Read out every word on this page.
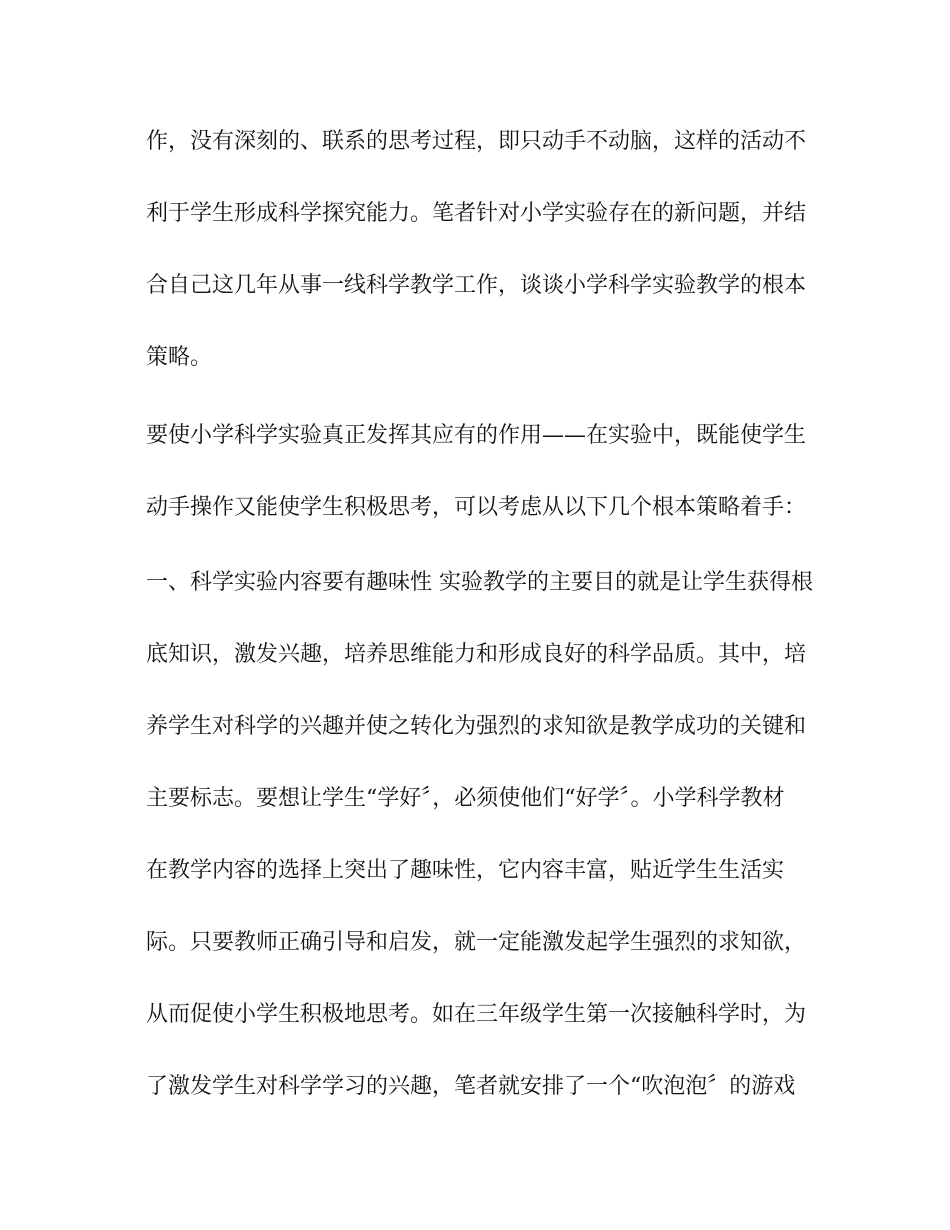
作，没有深刻的、联系的思考过程，即只动手不动脑，这样的活动不

利于学生形成科学探究能力。笔者针对小学实验存在的新问题，并结

合自己这几年从事一线科学教学工作，谈谈小学科学实验教学的根本

策略。

要使小学科学实验真正发挥其应有的作用——在实验中，既能使学生

动手操作又能使学生积极思考，可以考虑从以下几个根本策略着手：

一、科学实验内容要有趣味性 实验教学的主要目的就是让学生获得根

底知识，激发兴趣，培养思维能力和形成良好的科学品质。其中，培

养学生对科学的兴趣并使之转化为强烈的求知欲是教学成功的关键和

主要标志。要想让学生“学好〞，必须使他们“好学〞。小学科学教材

在教学内容的选择上突出了趣味性，它内容丰富，贴近学生生活实

际。只要教师正确引导和启发，就一定能激发起学生强烈的求知欲，

从而促使小学生积极地思考。如在三年级学生第一次接触科学时，为

了激发学生对科学学习的兴趣，笔者就安排了一个“吹泡泡〞的游戏
